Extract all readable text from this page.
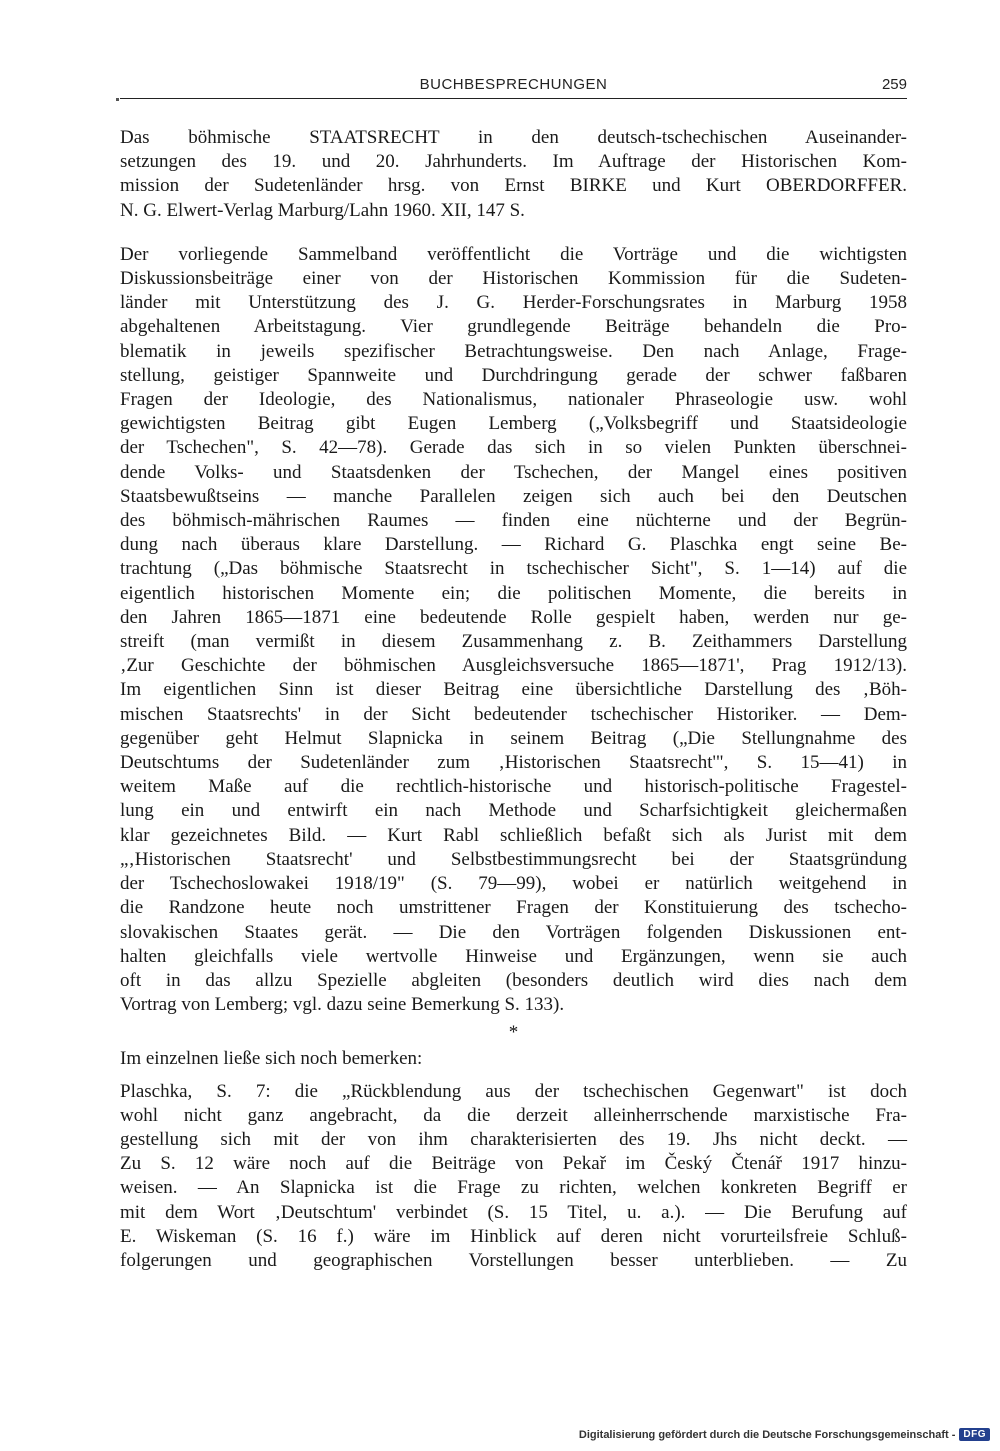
BUCHBESPRECHUNGEN	259

Das böhmische STAATSRECHT in den deutsch-tschechischen Auseinander-

setzungen des 19. und 20. Jahrhunderts. Im Auftrage der Historischen Kom-

mission der Sudetenländer hrsg. von Ernst BIRKE und Kurt OBERDORFFER.

N. G. Elwert-Verlag Marburg/Lahn 1960. XII, 147 S.

Der vorliegende Sammelband veröffentlicht die Vorträge und die wichtigsten

Diskussionsbeiträge einer von der Historischen Kommission für die Sudeten-

länder mit Unterstützung des J. G. Herder-Forschungsrates in Marburg 1958

abgehaltenen Arbeitstagung. Vier grundlegende Beiträge behandeln die Pro-

blematik in jeweils spezifischer Betrachtungsweise. Den nach Anlage, Frage-

stellung, geistiger Spannweite und Durchdringung gerade der schwer faßbaren

Fragen der Ideologie, des Nationalismus, nationaler Phraseologie usw. wohl

gewichtigsten Beitrag gibt Eugen Lemberg („Volksbegriff und Staatsideologie

der Tschechen", S. 42—78). Gerade das sich in so vielen Punkten überschnei-

dende Volks- und Staatsdenken der Tschechen, der Mangel eines positiven

Staatsbewußtseins — manche Parallelen zeigen sich auch bei den Deutschen

des böhmisch-mährischen Raumes — finden eine nüchterne und der Begrün-

dung nach überaus klare Darstellung. — Richard G. Plaschka engt seine Be-

trachtung („Das böhmische Staatsrecht in tschechischer Sicht", S. 1—14) auf die

eigentlich historischen Momente ein; die politischen Momente, die bereits in

den Jahren 1865—1871 eine bedeutende Rolle gespielt haben, werden nur ge-

streift (man vermißt in diesem Zusammenhang z. B. Zeithammers Darstellung

‚Zur Geschichte der böhmischen Ausgleichsversuche 1865—1871', Prag 1912/13).

Im eigentlichen Sinn ist dieser Beitrag eine übersichtliche Darstellung des ‚Böh-

mischen Staatsrechts' in der Sicht bedeutender tschechischer Historiker. — Dem-

gegenüber geht Helmut Slapnicka in seinem Beitrag („Die Stellungnahme des

Deutschtums der Sudetenländer zum ‚Historischen Staatsrecht'", S. 15—41) in

weitem Maße auf die rechtlich-historische und historisch-politische Fragestel-

lung ein und entwirft ein nach Methode und Scharfsichtigkeit gleichermaßen

klar gezeichnetes Bild. — Kurt Rabl schließlich befaßt sich als Jurist mit dem

„‚Historischen Staatsrecht' und Selbstbestimmungsrecht bei der Staatsgründung

der Tschechoslowakei 1918/19" (S. 79—99), wobei er natürlich weitgehend in

die Randzone heute noch umstrittener Fragen der Konstituierung des tschecho-

slovakischen Staates gerät. — Die den Vorträgen folgenden Diskussionen ent-

halten gleichfalls viele wertvolle Hinweise und Ergänzungen, wenn sie auch

oft in das allzu Spezielle abgleiten (besonders deutlich wird dies nach dem

Vortrag von Lemberg; vgl. dazu seine Bemerkung S. 133).

*

Im einzelnen ließe sich noch bemerken:

Plaschka, S. 7: die „Rückblendung aus der tschechischen Gegenwart" ist doch

wohl nicht ganz angebracht, da die derzeit alleinherrschende marxistische Fra-

gestellung sich mit der von ihm charakterisierten des 19. Jhs nicht deckt. —

Zu S. 12 wäre noch auf die Beiträge von Pekař im Český Čtenář 1917 hinzu-

weisen. — An Slapnicka ist die Frage zu richten, welchen konkreten Begriff er

mit dem Wort ‚Deutschtum' verbindet (S. 15 Titel, u. a.). — Die Berufung auf

E. Wiskeman (S. 16 f.) wäre im Hinblick auf deren nicht vorurteilsfreie Schluß-

folgerungen und geographischen Vorstellungen besser unterblieben. — Zu

Digitalisierung gefördert durch die Deutsche Forschungsgemeinschaft - DFG
